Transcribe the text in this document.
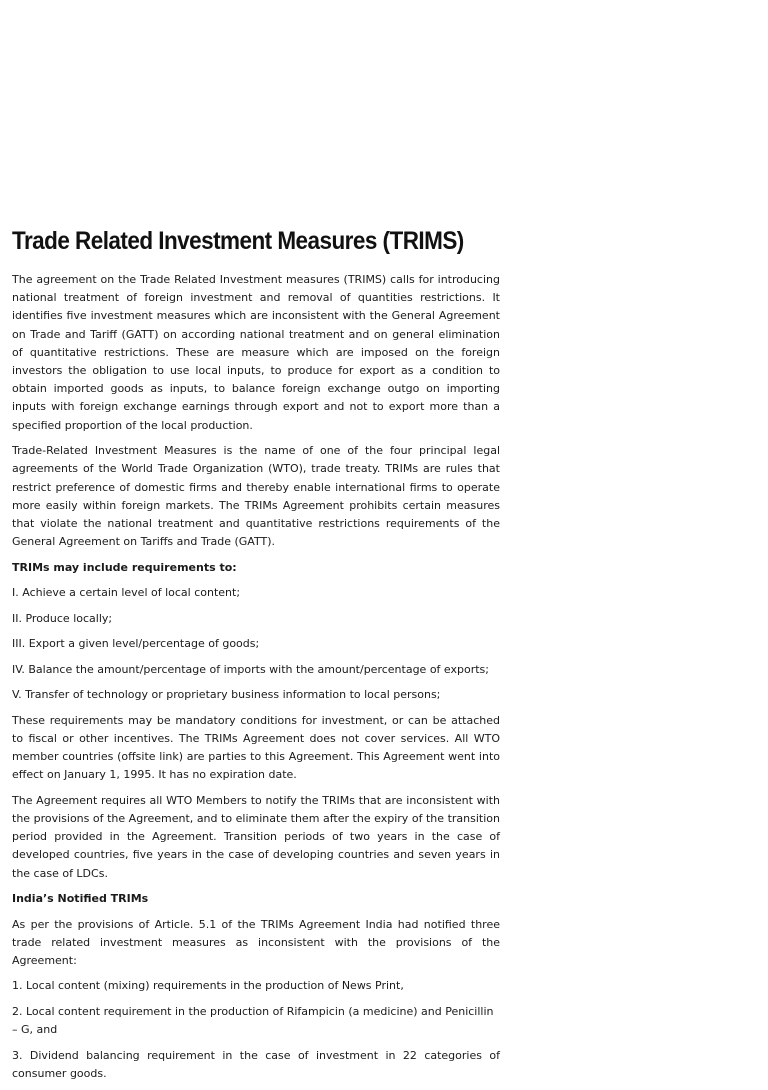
Trade Related Investment Measures (TRIMS)

The agreement on the Trade Related Investment measures (TRIMS) calls for introducing national treatment of foreign investment and removal of quantities restrictions. It identifies five investment measures which are inconsistent with the General Agreement on Trade and Tariff (GATT) on according national treatment and on general elimination of quantitative restrictions. These are measure which are imposed on the foreign investors the obligation to use local inputs, to produce for export as a condition to obtain imported goods as inputs, to balance foreign exchange outgo on importing inputs with foreign exchange earnings through export and not to export more than a specified proportion of the local production.

Trade-Related Investment Measures is the name of one of the four principal legal agreements of the World Trade Organization (WTO), trade treaty. TRIMs are rules that restrict preference of domestic firms and thereby enable international firms to operate more easily within foreign markets. The TRIMs Agreement prohibits certain measures that violate the national treatment and quantitative restrictions requirements of the General Agreement on Tariffs and Trade (GATT).

TRIMs may include requirements to:

I. Achieve a certain level of local content;

II. Produce locally;

III. Export a given level/percentage of goods;

IV. Balance the amount/percentage of imports with the amount/percentage of exports;

V. Transfer of technology or proprietary business information to local persons;

These requirements may be mandatory conditions for investment, or can be attached to fiscal or other incentives. The TRIMs Agreement does not cover services. All WTO member countries (offsite link) are parties to this Agreement. This Agreement went into effect on January 1, 1995. It has no expiration date.

The Agreement requires all WTO Members to notify the TRIMs that are inconsistent with the provisions of the Agreement, and to eliminate them after the expiry of the transition period provided in the Agreement. Transition periods of two years in the case of developed countries, five years in the case of developing countries and seven years in the case of LDCs.

India’s Notified TRIMs

As per the provisions of Article. 5.1 of the TRIMs Agreement India had notified three trade related investment measures as inconsistent with the provisions of the Agreement:

1. Local content (mixing) requirements in the production of News Print,

2. Local content requirement in the production of Rifampicin (a medicine) and Penicillin – G, and

3. Dividend balancing requirement in the case of investment in 22 categories of consumer goods.
